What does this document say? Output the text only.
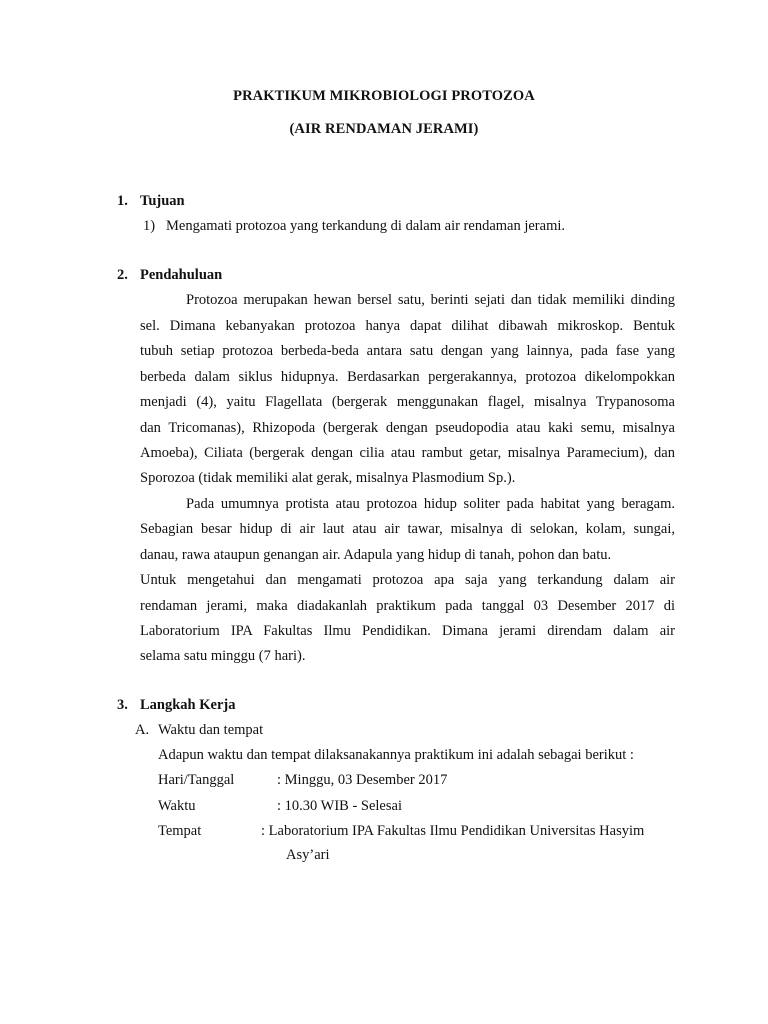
PRAKTIKUM MIKROBIOLOGI PROTOZOA
(AIR RENDAMAN JERAMI)
1. Tujuan
1) Mengamati protozoa yang terkandung di dalam air rendaman jerami.
2. Pendahuluan
Protozoa merupakan hewan bersel satu, berinti sejati dan tidak memiliki dinding
sel. Dimana kebanyakan protozoa hanya dapat dilihat dibawah mikroskop. Bentuk
tubuh setiap protozoa berbeda-beda antara satu dengan yang lainnya, pada fase yang
berbeda dalam siklus hidupnya. Berdasarkan pergerakannya, protozoa dikelompokkan
menjadi (4), yaitu Flagellata (bergerak menggunakan flagel, misalnya Trypanosoma
dan Tricomanas), Rhizopoda (bergerak dengan pseudopodia atau kaki semu, misalnya
Amoeba), Ciliata (bergerak dengan cilia atau rambut getar, misalnya Paramecium), dan
Sporozoa (tidak memiliki alat gerak, misalnya Plasmodium Sp.).
Pada umumnya protista atau protozoa hidup soliter pada habitat yang beragam.
Sebagian besar hidup di air laut atau air tawar, misalnya di selokan, kolam, sungai,
danau, rawa ataupun genangan air. Adapula yang hidup di tanah, pohon dan batu.
Untuk mengetahui dan mengamati protozoa apa saja yang terkandung dalam air
rendaman jerami, maka diadakanlah praktikum pada tanggal 03 Desember 2017 di
Laboratorium IPA Fakultas Ilmu Pendidikan. Dimana jerami direndam dalam air
selama satu minggu (7 hari).
3. Langkah Kerja
A. Waktu dan tempat
Adapun waktu dan tempat dilaksanakannya praktikum ini adalah sebagai berikut :
Hari/Tanggal	: Minggu, 03 Desember 2017
Waktu	: 10.30 WIB - Selesai
Tempat	: Laboratorium IPA Fakultas Ilmu Pendidikan Universitas Hasyim
Asy’ari
